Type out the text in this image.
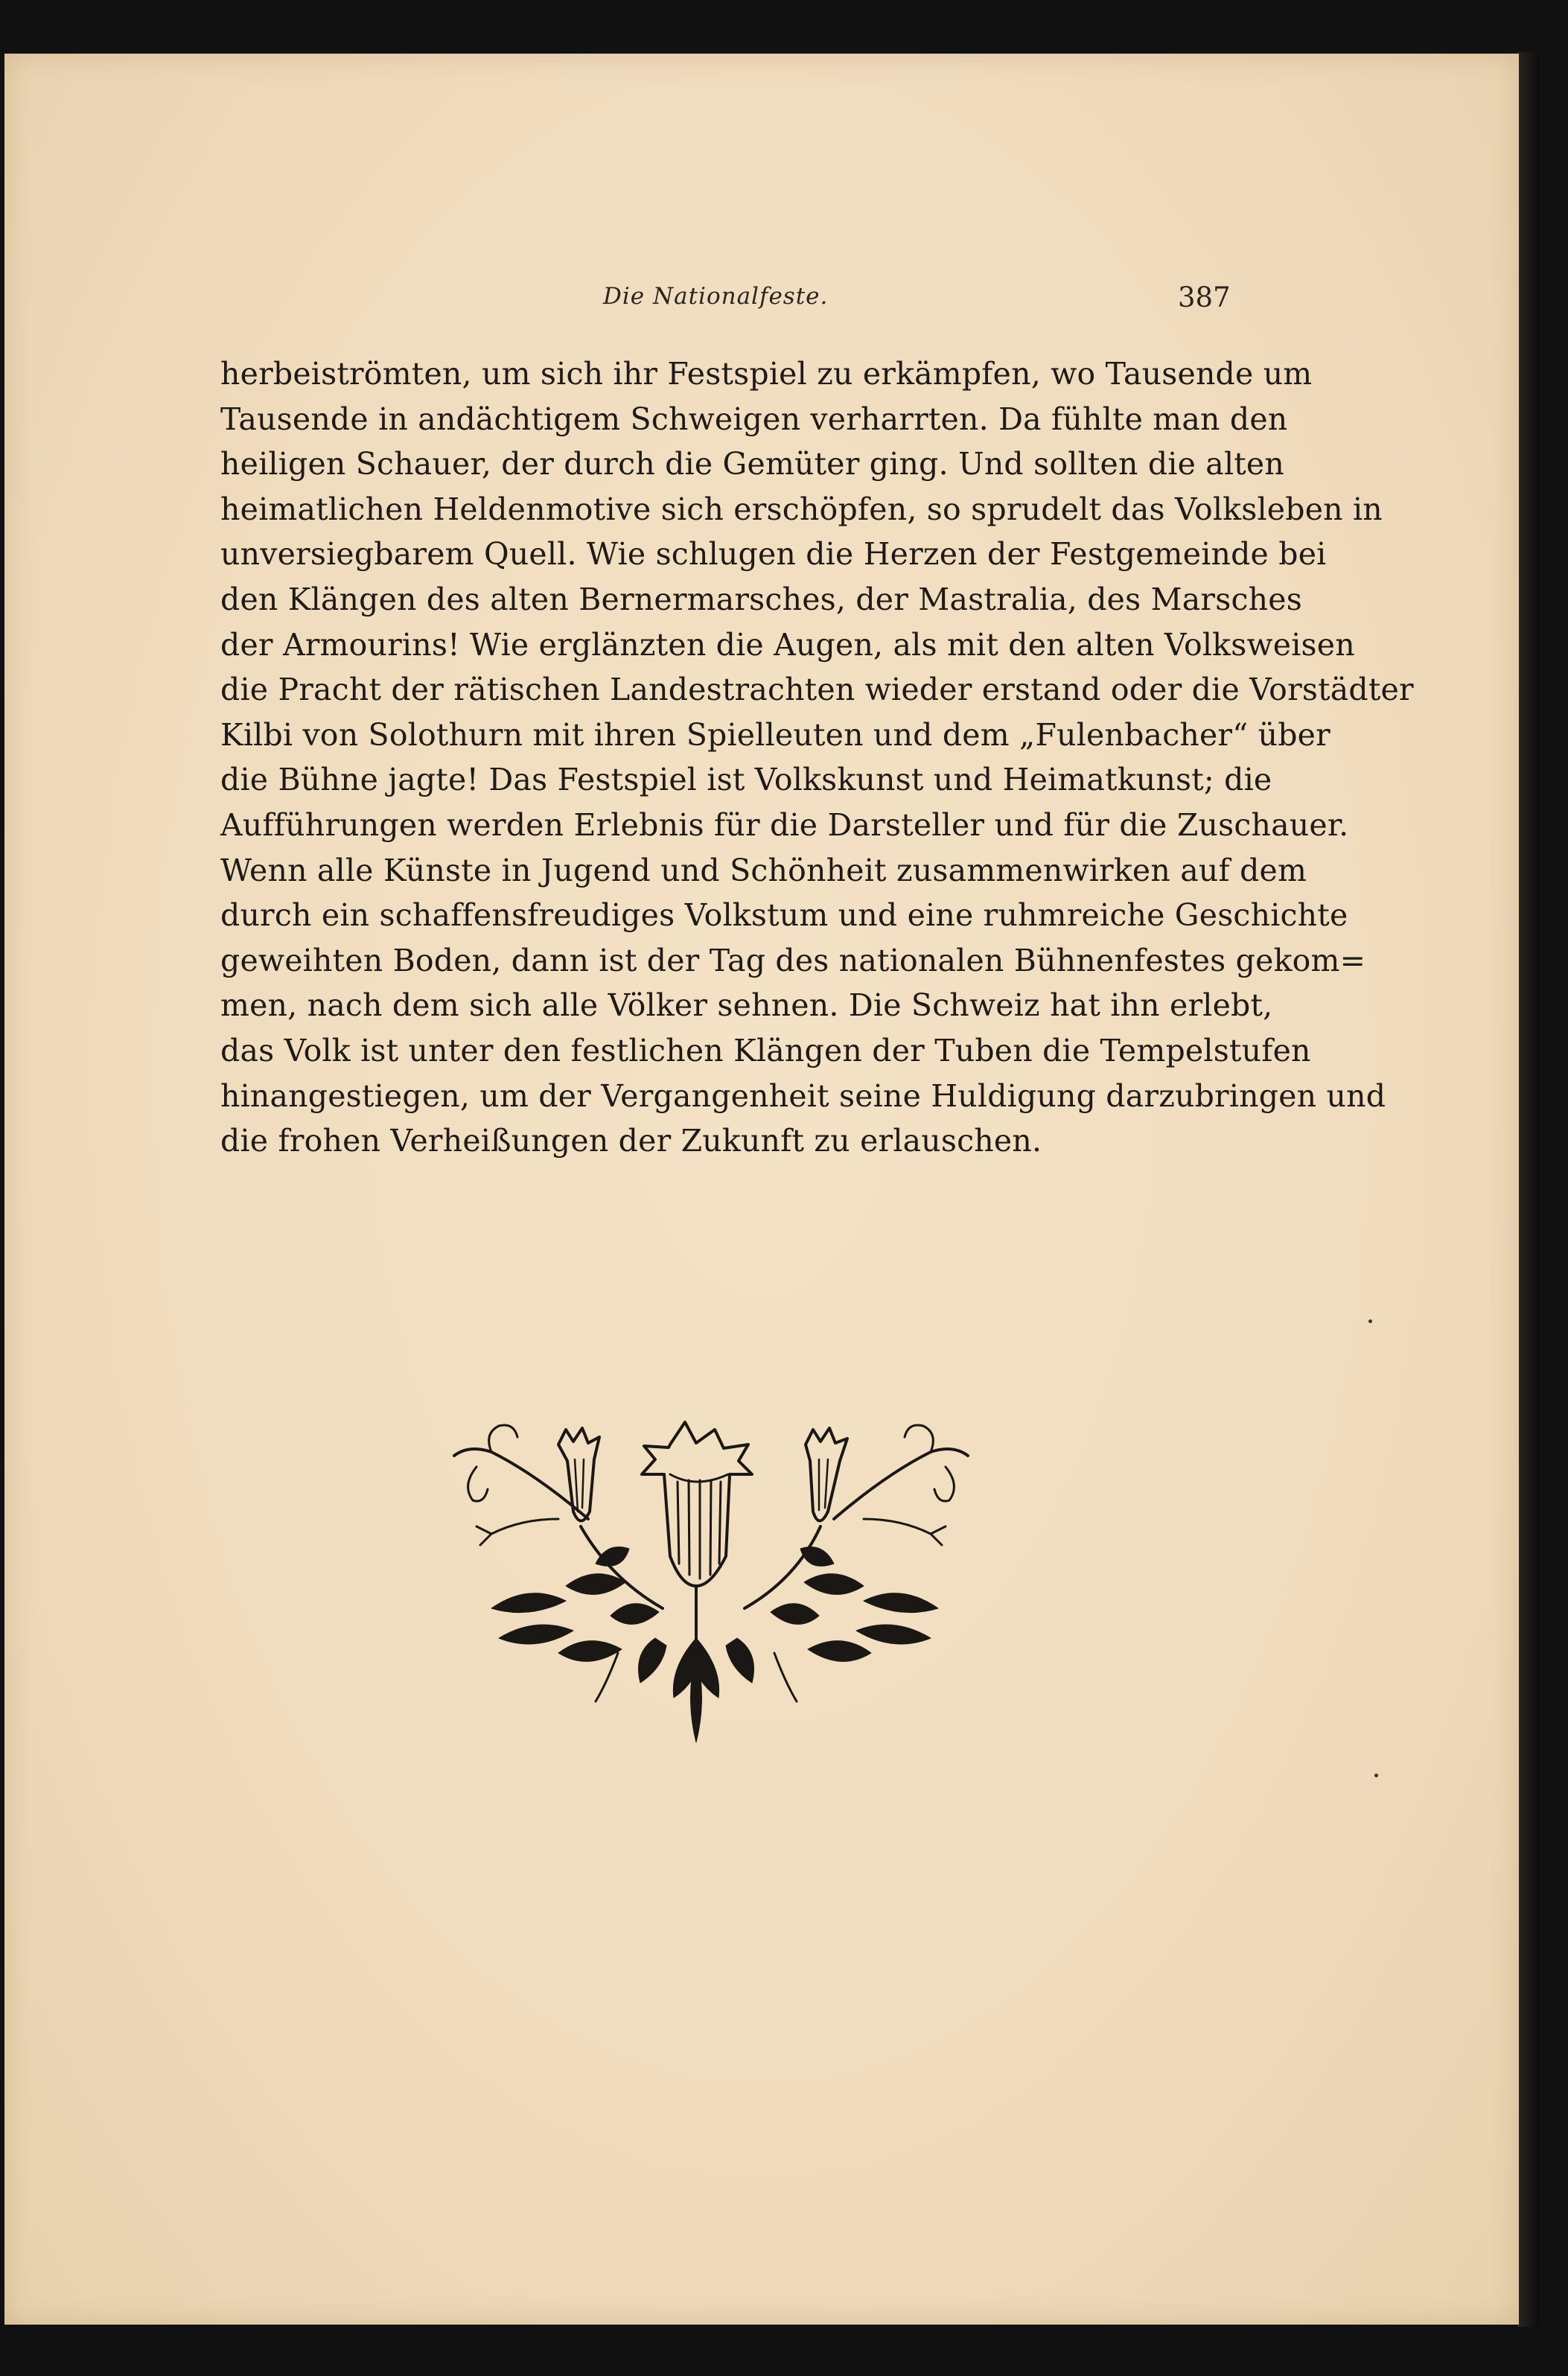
Die Nationalfeste.	387
herbeiströmten, um sich ihr Festspiel zu erkämpfen, wo Tausende um
Tausende in andächtigem Schweigen verharrten. Da fühlte man den
heiligen Schauer, der durch die Gemüter ging. Und sollten die alten
heimatlichen Heldenmotive sich erschöpfen, so sprudelt das Volksleben in
unversiegbarem Quell. Wie schlugen die Herzen der Festgemeinde bei
den Klängen des alten Bernermarsches, der Mastralia, des Marsches
der Armourins! Wie erglänzten die Augen, als mit den alten Volksweisen
die Pracht der rätischen Landestrachten wieder erstand oder die Vorstädter
Kilbi von Solothurn mit ihren Spielleuten und dem „Fulenbacher“ über
die Bühne jagte! Das Festspiel ist Volkskunst und Heimatkunst; die
Aufführungen werden Erlebnis für die Darsteller und für die Zuschauer.
Wenn alle Künste in Jugend und Schönheit zusammenwirken auf dem
durch ein schaffensfreudiges Volkstum und eine ruhmreiche Geschichte
geweihten Boden, dann ist der Tag des nationalen Bühnenfestes gekom=
men, nach dem sich alle Völker sehnen. Die Schweiz hat ihn erlebt,
das Volk ist unter den festlichen Klängen der Tuben die Tempelstufen
hinangestiegen, um der Vergangenheit seine Huldigung darzubringen und
die frohen Verheißungen der Zukunft zu erlauschen.
